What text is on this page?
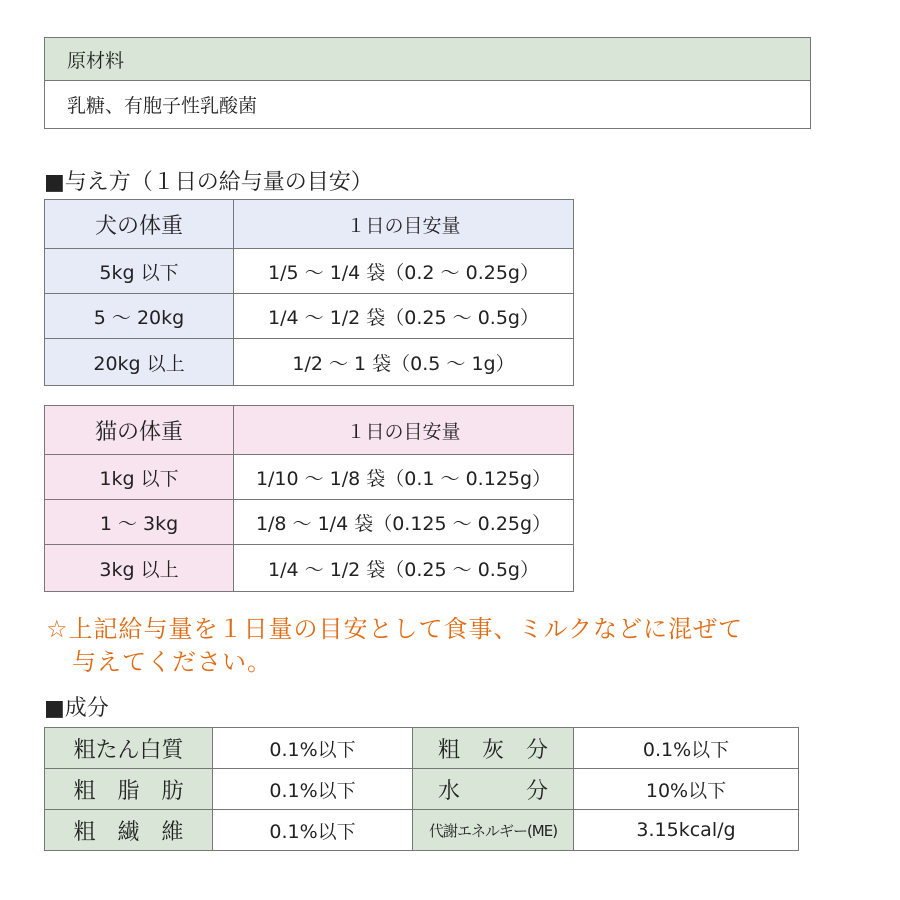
原材料
乳糖、有胞子性乳酸菌
■与え方（１日の給与量の目安）
犬の体重	１日の目安量
5kg 以下	1/5 ～ 1/4 袋（0.2 ～ 0.25g）
5 ～ 20kg	1/4 ～ 1/2 袋（0.25 ～ 0.5g）
20kg 以上	1/2 ～ 1 袋（0.5 ～ 1g）
猫の体重	１日の目安量
1kg 以下	1/10 ～ 1/8 袋（0.1 ～ 0.125g）
1 ～ 3kg	1/8 ～ 1/4 袋（0.125 ～ 0.25g）
3kg 以上	1/4 ～ 1/2 袋（0.25 ～ 0.5g）
☆上記給与量を１日量の目安として食事、ミルクなどに混ぜて
与えてください。
■成分
粗たん白質	0.1%以下	粗　灰　分	0.1%以下
粗　脂　肪	0.1%以下	水　　　分	10%以下
粗　繊　維	0.1%以下	代謝エネルギー(ME)	3.15kcal/g
